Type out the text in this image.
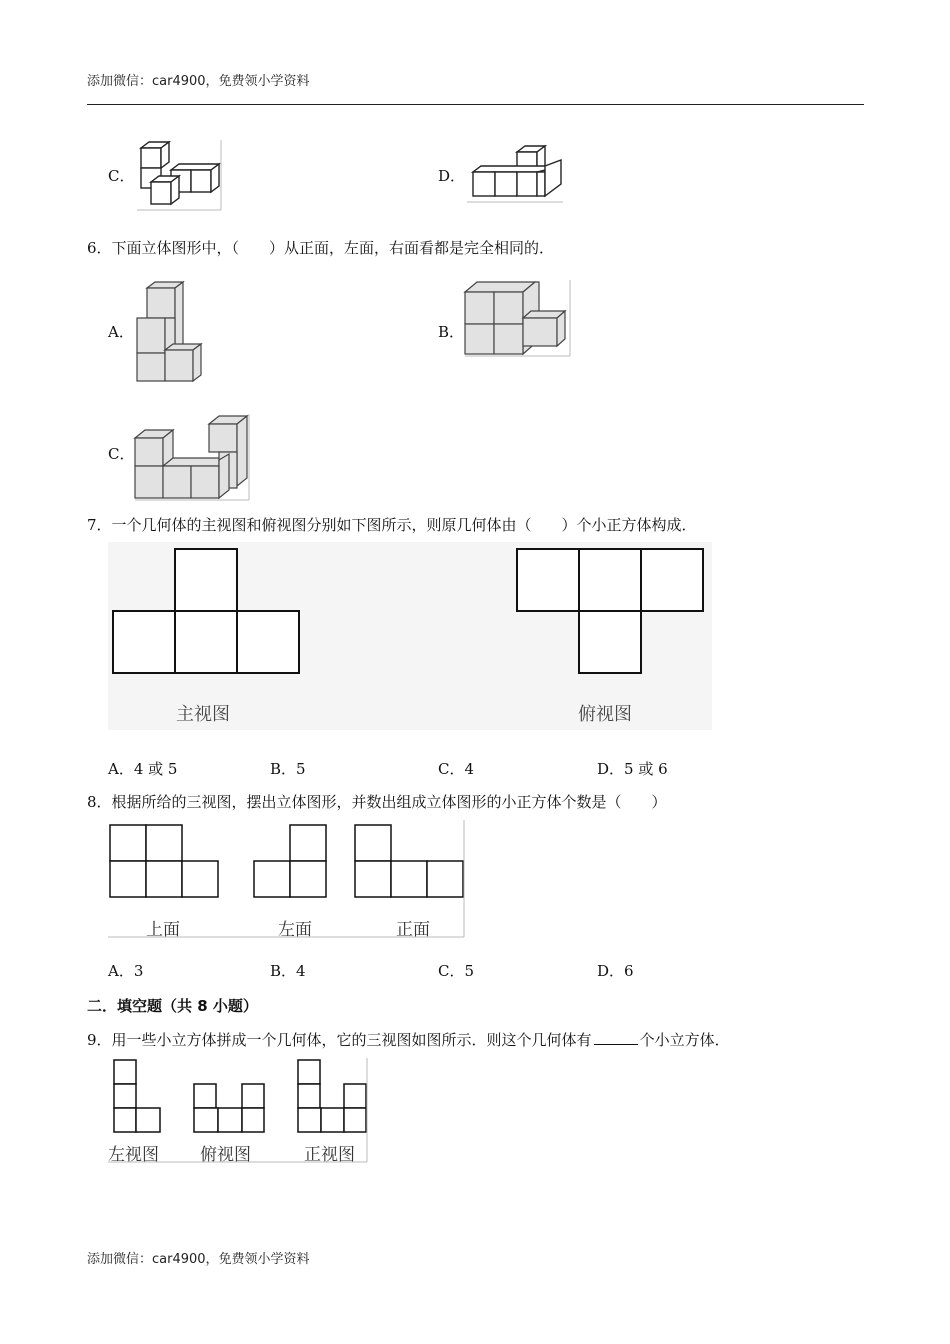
添加微信：car4900，免费领小学资料
C．	D．
6．下面立体图形中，（　　）从正面，左面，右面看都是完全相同的．
A．	B．
C．
7．一个几何体的主视图和俯视图分别如下图所示，则原几何体由（　　）个小正方体构成．
主视图	俯视图
A．4 或 5	B．5	C．4	D．5 或 6
8．根据所给的三视图，摆出立体图形，并数出组成立体图形的小正方体个数是（　　）
上面	左面	正面
A．3	B．4	C．5	D．6
二．填空题（共 8 小题）
9．用一些小立方体拼成一个几何体，它的三视图如图所示．则这个几何体有	个小立方体．
左视图 俯视图	正视图
添加微信：car4900，免费领小学资料
